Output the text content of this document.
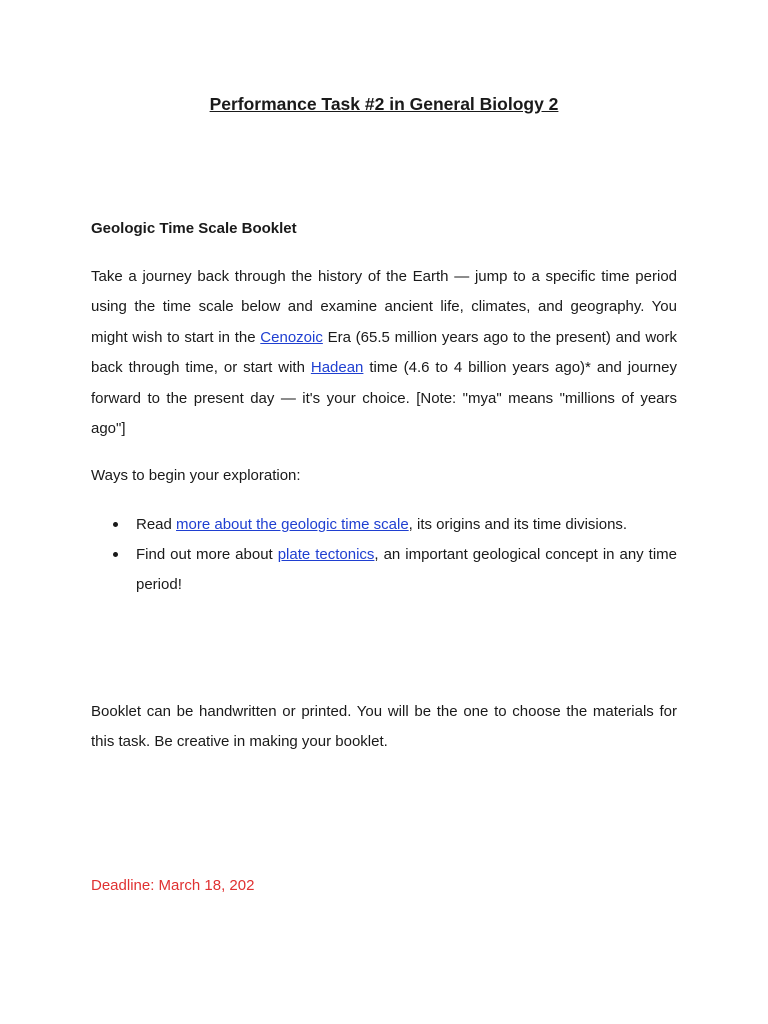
Performance Task #2 in General Biology 2
Geologic Time Scale Booklet
Take a journey back through the history of the Earth — jump to a specific time period using the time scale below and examine ancient life, climates, and geography. You might wish to start in the Cenozoic Era (65.5 million years ago to the present) and work back through time, or start with Hadean time (4.6 to 4 billion years ago)* and journey forward to the present day — it's your choice. [Note: "mya" means "millions of years ago"]
Ways to begin your exploration:
Read more about the geologic time scale, its origins and its time divisions.
Find out more about plate tectonics, an important geological concept in any time period!
Booklet can be handwritten or printed. You will be the one to choose the materials for this task. Be creative in making your booklet.
Deadline: March 18, 202
